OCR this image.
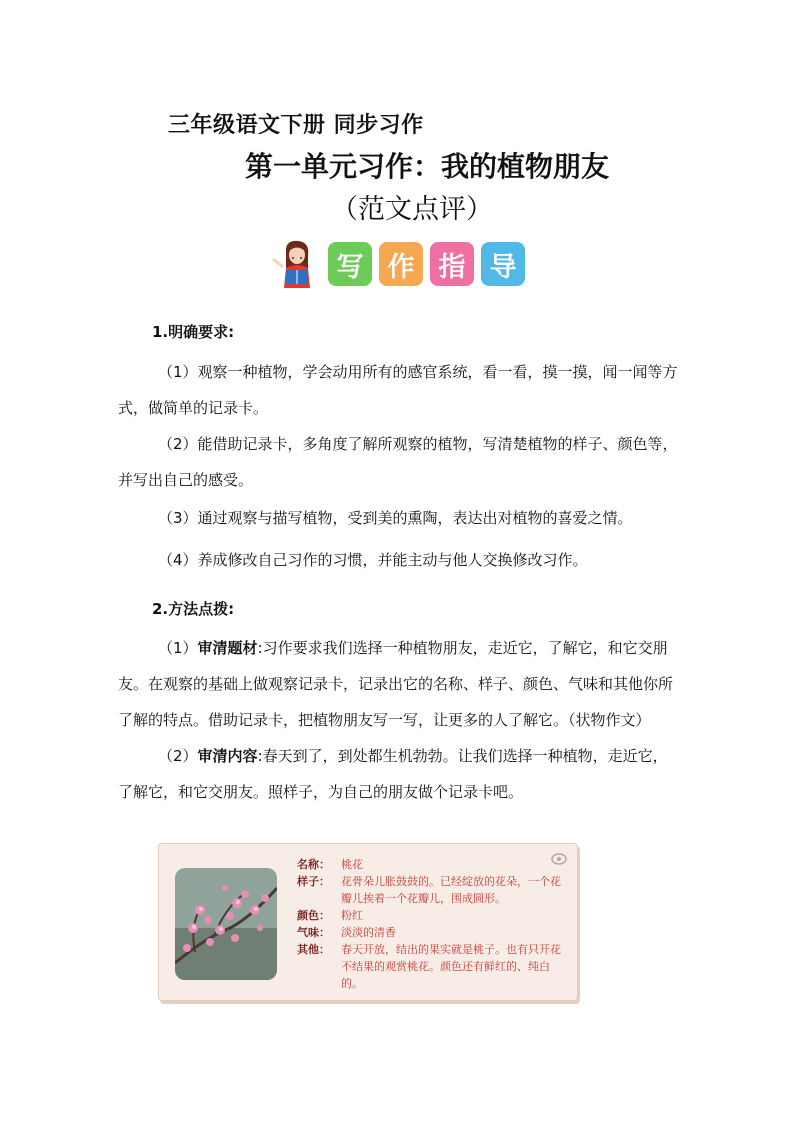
三年级语文下册 同步习作
第一单元习作：我的植物朋友
（范文点评）
写 作 指 导
1.明确要求:

（1）观察一种植物，学会动用所有的感官系统，看一看，摸一摸，闻一闻等方式，做简单的记录卡。

（2）能借助记录卡，多角度了解所观察的植物，写清楚植物的样子、颜色等，并写出自己的感受。

（3）通过观察与描写植物，受到美的熏陶，表达出对植物的喜爱之情。

（4）养成修改自己习作的习惯，并能主动与他人交换修改习作。

2.方法点拨:

（1）审清题材:习作要求我们选择一种植物朋友，走近它，了解它，和它交朋友。在观察的基础上做观察记录卡，记录出它的名称、样子、颜色、气味和其他你所了解的特点。借助记录卡，把植物朋友写一写，让更多的人了解它。（状物作文）

（2）审清内容:春天到了，到处都生机勃勃。让我们选择一种植物，走近它，了解它，和它交朋友。照样子，为自己的朋友做个记录卡吧。

名称：	桃花
样子：	花骨朵儿胀鼓鼓的。已经绽放的花朵，一个花瓣儿挨着一个花瓣儿，围成圆形。
颜色：	粉红
气味：	淡淡的清香
其他：	春天开放，结出的果实就是桃子。也有只开花不结果的观赏桃花。颜色还有鲜红的、纯白的。
